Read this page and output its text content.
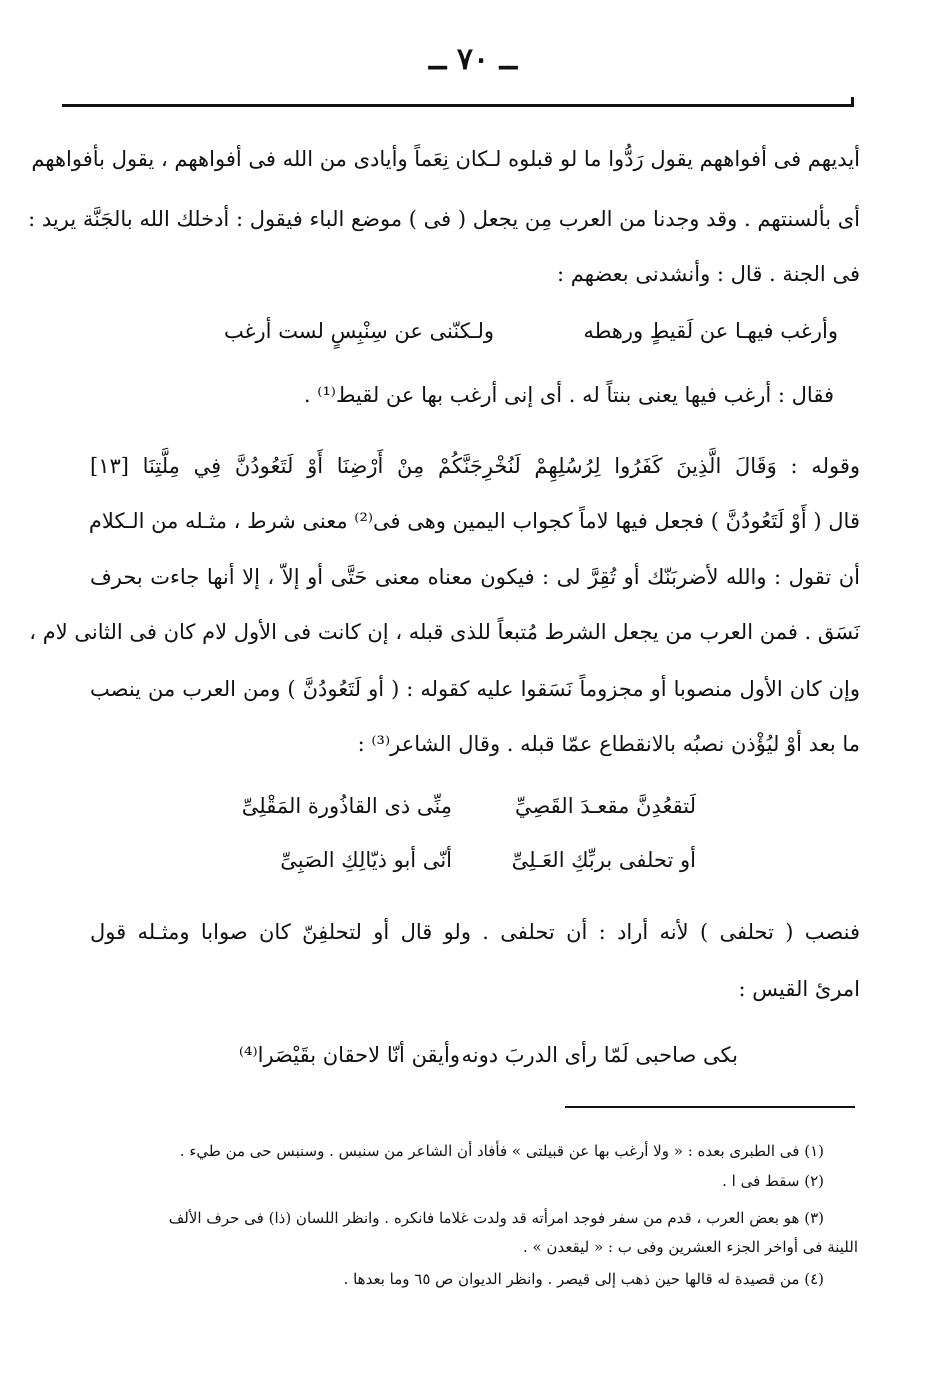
ــ ٧٠ ــ
أيديهم فى أفواههم يقول رَدُّوا ما لو قبلوه لـكان نِعَماً وأيادى من الله فى أفواههم ، يقول بأفواههم
أى بألسنتهم . وقد وجدنا من العرب مِن يجعل ( فى ) موضع الباء فيقول : أدخلك الله بالجَنَّة يريد :
فى الجنة . قال : وأنشدنى بعضهم :
وأرغب فيهـا عن لَقيطٍ ورهطه
ولـكنّنى عن سِنْبِسٍ لست أرغب
فقال : أرغب فيها يعنى بنتاً له . أى إنى أرغب بها عن لقيط⁽¹⁾ .
وقوله : وَقَالَ الَّذِينَ كَفَرُوا لِرُسُلِهِمْ لَنُخْرِجَنَّكُمْ مِنْ أَرْضِنَا أَوْ لَتَعُودُنَّ فِي مِلَّتِنَا [١٣]
قال ( أَوْ لَتَعُودُنَّ ) فجعل فيها لاماً كجواب اليمين وهى فى⁽²⁾ معنى شرط ، مثـله من الـكلام
أن تقول : والله لأضربَنّك أو تُقِرَّ لى : فيكون معناه معنى حَتَّى أو إلاّ ، إلا أنها جاءت بحرف
نَسَق . فمن العرب من يجعل الشرط مُتبعاً للذى قبله ، إن كانت فى الأول لام كان فى الثانى لام ،
وإن كان الأول منصوبا أو مجزوماً نَسَقوا عليه كقوله : ( أو لَتَعُودُنَّ ) ومن العرب من ينصب
ما بعد أوْ ليُؤْذن نصبُه بالانقطاع عمّا قبله . وقال الشاعر⁽³⁾ :
لَتقعُدِنَّ مقعـدَ القَصِيِّ
مِنِّى ذى القاذُورة المَقْلِىِّ
أو تحلفى بربِّكِ العَـلِىِّ
أنّى أبو ذيّالِكِ الصَبِىِّ
فنصب ( تحلفى ) لأنه أراد : أن تحلفى . ولو قال أو لتحلفِنّ كان صوابا ومثـله قول
امرئ القيس :
بكى صاحبى لَمّا رأى الدربَ دونه
وأيقن أنّا لاحقان بقَيْصَرا⁽⁴⁾
(١) فى الطبرى بعده : « ولا أرغب بها عن قبيلتى » فأفاد أن الشاعر من سنبس . وسنبس حى من طيء .
(٢) سقط فى ا .
(٣) هو بعض العرب ، قدم من سفر فوجد امرأته قد ولدت غلاما فانكره . وانظر اللسان (ذا) فى حرف الألف
اللينة فى أواخر الجزء العشرين وفى ب : « ليقعدن » .
(٤) من قصيدة له قالها حين ذهب إلى قيصر . وانظر الديوان ص ٦٥ وما بعدها .
